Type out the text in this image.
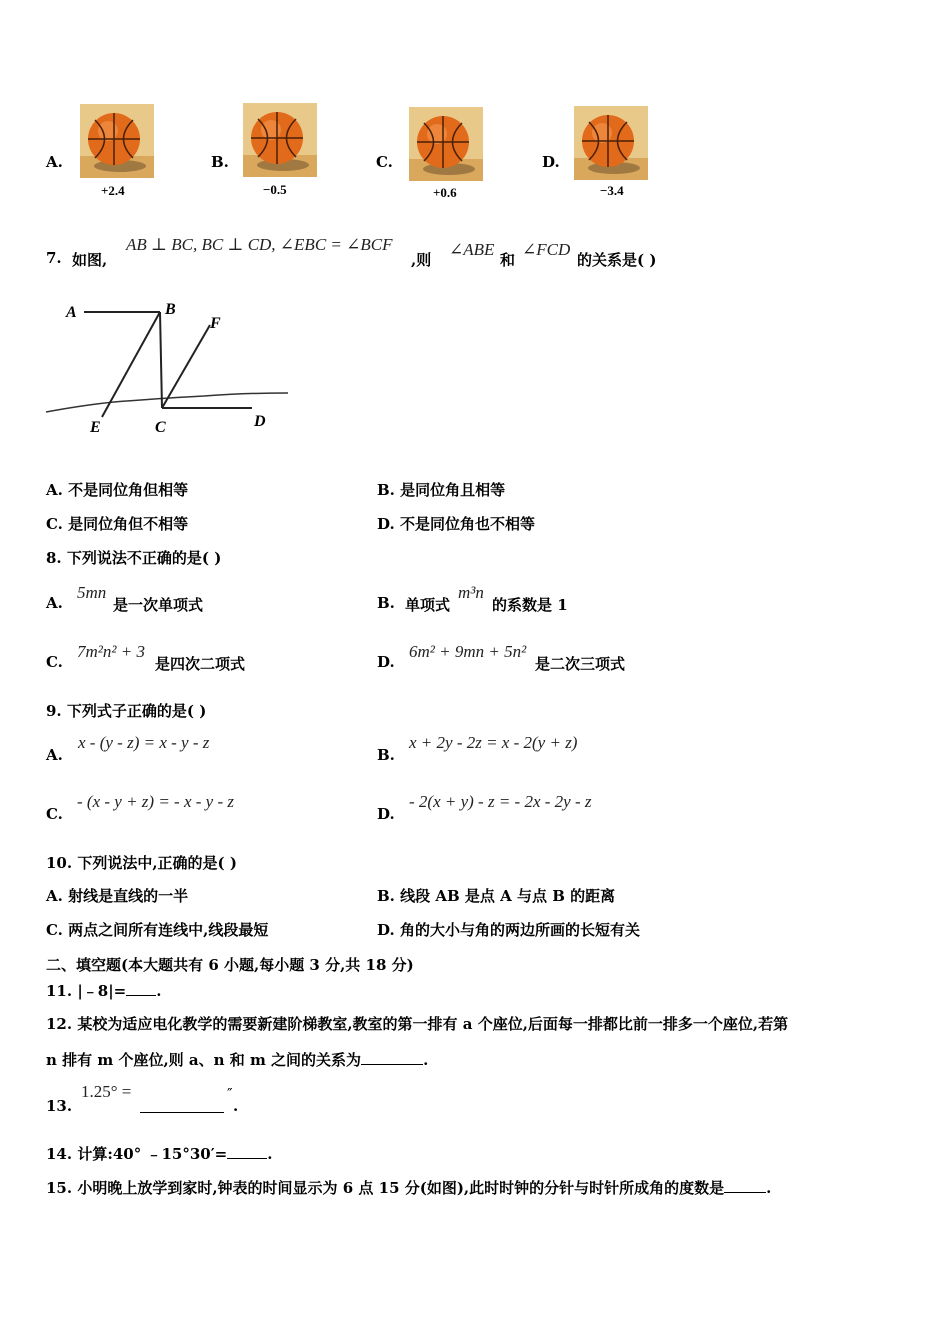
A.
+2.4
B.
−0.5
C.
+0.6
D.
−3.4
7. 如图,
AB ⊥ BC, BC ⊥ CD, ∠EBC = ∠BCF
,则
∠ABE
和
∠FCD
的关系是( )
A	B
F
E	C	D
A. 不是同位角但相等	B. 是同位角且相等
C. 是同位角但不相等	D. 不是同位角也不相等
8. 下列说法不正确的是( )
A.
5mn
是一次单项式	B. 单项式
m³n
的系数是 1
C.
7m²n² + 3
是四次二项式	D.
6m² + 9mn + 5n²
是二次三项式
9. 下列式子正确的是( )
A.
x - (y - z) = x - y - z
B.
x + 2y - 2z = x - 2(y + z)
C.
- (x - y + z) = - x - y - z
D.
- 2(x + y) - z = - 2x - 2y - z
10. 下列说法中,正确的是( )
A. 射线是直线的一半	B. 线段 AB 是点 A 与点 B 的距离
C. 两点之间所有连线中,线段最短	D. 角的大小与角的两边所画的长短有关
二、填空题(本大题共有 6 小题,每小题 3 分,共 18 分)
11. |﹣8|= .
12. 某校为适应电化教学的需要新建阶梯教室,教室的第一排有 a 个座位,后面每一排都比前一排多一个座位,若第
n 排有 m 个座位,则 a、n 和 m 之间的关系为	.
13.
1.25° =	″
.
14. 计算:40° ﹣15°30′=	.
15. 小明晚上放学到家时,钟表的时间显示为 6 点 15 分(如图),此时时钟的分针与时针所成角的度数是	.
